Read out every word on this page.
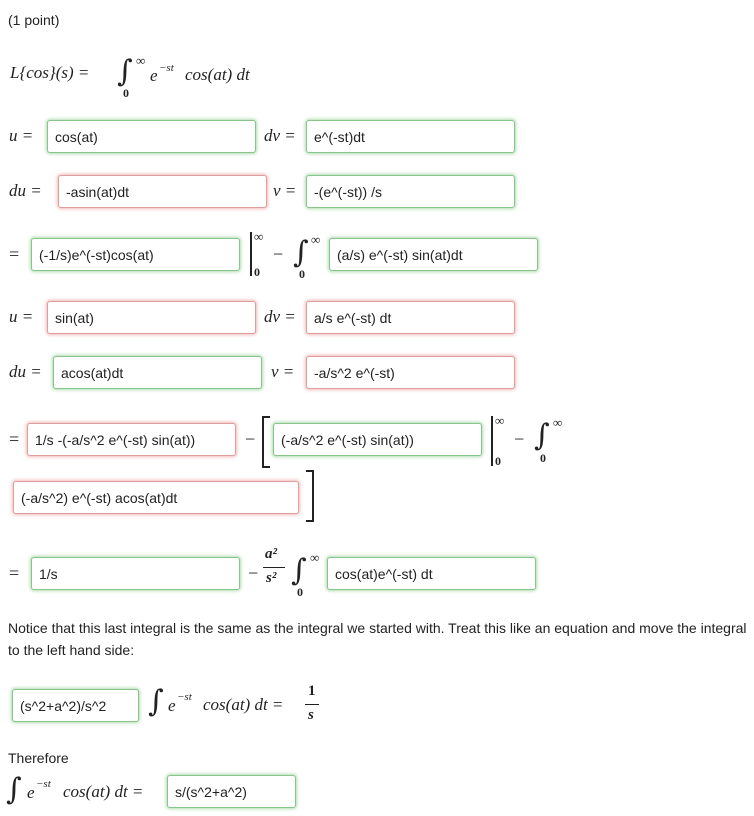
(1 point)
L{cos}(s) = ∫ ∞
0
e −st cos(at) dt
u =	cos(at)	dv =	e^(-st)dt
du =	-asin(at)dt	v =	-(e^(-st)) /s
=	(-1/s)e^(-st)cos(at)
∞
0
− ∫ ∞
0
(a/s) e^(-st) sin(at)dt
u =	sin(at)	dv =	a/s e^(-st) dt
du =	acos(at)dt	v =	-a/s^2 e^(-st)
=	1/s -(-a/s^2 e^(-st) sin(at))	−	(-a/s^2 e^(-st) sin(at))
∞
0
− ∫ ∞
0
(-a/s^2) e^(-st) acos(at)dt
=	1/s	−
a²
s² ∫ ∞
0
cos(at)e^(-st) dt
Notice that this last integral is the same as the integral we started with. Treat this like an equation and move the integral to the left hand side:
(s^2+a^2)/s^2	∫ e −st cos(at) dt =
1
s
Therefore
∫ e −st cos(at) dt =	s/(s^2+a^2)
